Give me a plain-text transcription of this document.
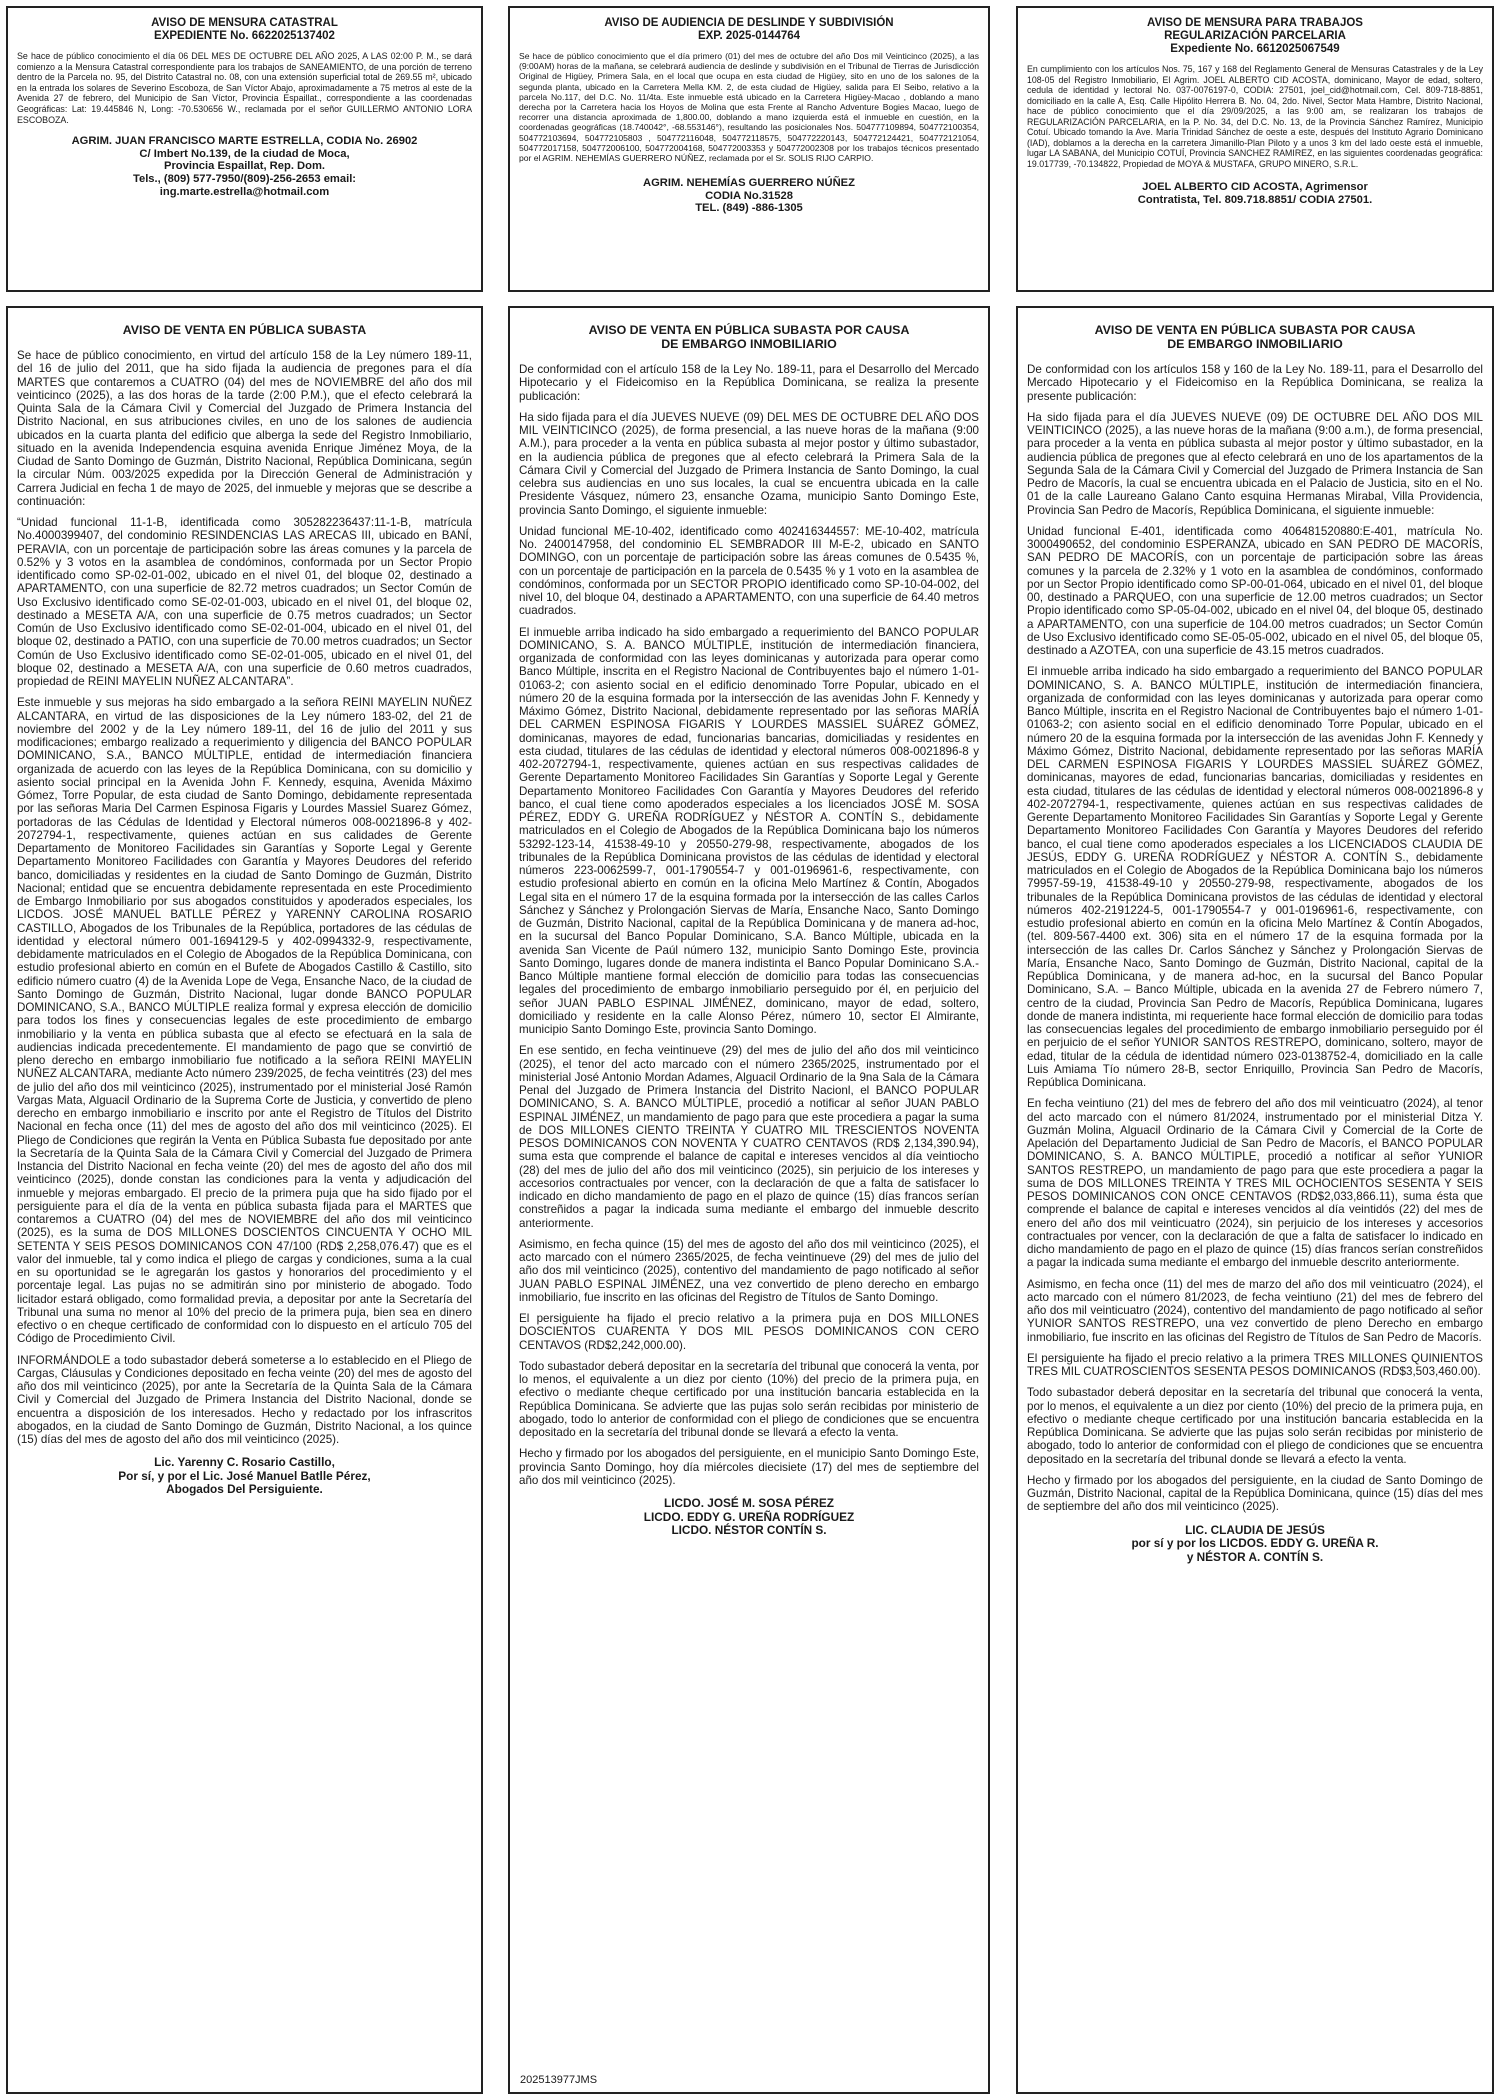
AVISO DE MENSURA CATASTRAL
EXPEDIENTE No. 6622025137402

Se hace de público conocimiento el día 06 DEL MES DE OCTUBRE DEL AÑO 2025, A LAS 02:00 P. M., se dará comienzo a la Mensura Catastral correspondiente para los trabajos de SANEAMIENTO, de una porción de terreno dentro de la Parcela no. 95, del Distrito Catastral no. 08, con una extensión superficial total de 269.55 m², ubicado en la entrada los solares de Severino Escoboza, de San Víctor Abajo, aproximadamente a 75 metros al este de la Avenida 27 de febrero, del Municipio de San Víctor, Provincia Espaillat., correspondiente a las coordenadas Geográficas: Lat: 19.445846 N, Long: -70.530656 W., reclamada por el señor GUILLERMO ANTONIO LORA ESCOBOZA.

AGRIM. JUAN FRANCISCO MARTE ESTRELLA, CODIA No. 26902
C/ Imbert No.139, de la ciudad de Moca,
Provincia Espaillat, Rep. Dom.
Tels., (809) 577-7950/(809)-256-2653 email:
ing.marte.estrella@hotmail.com
AVISO DE AUDIENCIA DE DESLINDE Y SUBDIVISIÓN
EXP. 2025-0144764

Se hace de público conocimiento que el día primero (01) del mes de octubre del año Dos mil Veinticinco (2025), a las (9:00AM) horas de la mañana, se celebrará audiencia de deslinde y subdivisión en el Tribunal de Tierras de Jurisdicción Original de Higüey, Primera Sala, en el local que ocupa en esta ciudad de Higüey, sito en uno de los salones de la segunda planta, ubicado en la Carretera Mella KM. 2, de esta ciudad de Higüey, salida para El Seibo, relativo a la parcela No.117, del D.C. No. 11/4ta. Este inmueble está ubicado en la Carretera Higüey-Macao , doblando a mano derecha por la Carretera hacia los Hoyos de Molina que esta Frente al Rancho Adventure Bogies Macao, luego de recorrer una distancia aproximada de 1,800.00, doblando a mano izquierda está el inmueble en cuestión, en la coordenadas geográficas (18.740042°, -68.553146°), resultando las posicionales Nos. 504777109894, 504772100354, 504772103694, 504772105803 , 504772116048, 504772118575, 504772220143, 504772124421, 504772121054, 504772017158, 504772006100, 504772004168, 504772003353 y 504772002308 por los trabajos técnicos presentado por el AGRIM. NEHEMÍAS GUERRERO NÚÑEZ, reclamada por el Sr. SOLIS RIJO CARPIO.

AGRIM. NEHEMÍAS GUERRERO NÚÑEZ
CODIA No.31528
TEL. (849) -886-1305
AVISO DE MENSURA PARA TRABAJOS
REGULARIZACIÓN PARCELARIA
Expediente No. 6612025067549

En cumplimiento con los artículos Nos. 75, 167 y 168 del Reglamento General de Mensuras Catastrales y de la Ley 108-05 del Registro Inmobiliario, El Agrim. JOEL ALBERTO CID ACOSTA, dominicano, Mayor de edad, soltero, cedula de identidad y lectoral No. 037-0076197-0, CODIA: 27501, joel_cid@hotmail.com, Cel. 809-718-8851, domiciliado en la calle A, Esq. Calle Hipólito Herrera B. No. 04, 2do. Nivel, Sector Mata Hambre, Distrito Nacional, hace de público conocimiento que el día 29/09/2025, a las 9:00 am, se realizaran los trabajos de REGULARIZACIÓN PARCELARIA, en la P. No. 34, del D.C. No. 13, de la Provincia Sánchez Ramírez, Municipio Cotuí. Ubicado tomando la Ave. María Trinidad Sánchez de oeste a este, después del Instituto Agrario Dominicano (IAD), doblamos a la derecha en la carretera Jimanillo-Plan Piloto y a unos 3 km del lado oeste está el inmueble, lugar LA SABANA, del Municipio COTUÍ, Provincia SANCHEZ RAMIREZ, en las siguientes coordenadas geográfica: 19.017739, -70.134822, Propiedad de MOYA & MUSTAFA, GRUPO MINERO, S.R.L.

JOEL ALBERTO CID ACOSTA, Agrimensor
Contratista, Tel. 809.718.8851/ CODIA 27501.
AVISO DE VENTA EN PÚBLICA SUBASTA

Se hace de público conocimiento, en virtud del artículo 158 de la Ley número 189-11, del 16 de julio del 2011, que ha sido fijada la audiencia de pregones para el día MARTES que contaremos a CUATRO (04) del mes de NOVIEMBRE del año dos mil veinticinco (2025), a las dos horas de la tarde (2:00 P.M.), que el efecto celebrará la Quinta Sala de la Cámara Civil y Comercial del Juzgado de Primera Instancia del Distrito Nacional, en sus atribuciones civiles, en uno de los salones de audiencia ubicados en la cuarta planta del edificio que alberga la sede del Registro Inmobiliario, situado en la avenida Independencia esquina avenida Enrique Jiménez Moya, de la Ciudad de Santo Domingo de Guzmán, Distrito Nacional, República Dominicana, según la circular Núm. 003/2025 expedida por la Dirección General de Administración y Carrera Judicial en fecha 1 de mayo de 2025, del inmueble y mejoras que se describe a continuación:

“Unidad funcional 11-1-B, identificada como 305282236437:11-1-B, matrícula No.4000399407, del condominio RESINDENCIAS LAS ARECAS III, ubicado en BANÍ, PERAVIA, con un porcentaje de participación sobre las áreas comunes y la parcela de 0.52% y 3 votos en la asamblea de condóminos, conformada por un Sector Propio identificado como SP-02-01-002, ubicado en el nivel 01, del bloque 02, destinado a APARTAMENTO, con una superficie de 82.72 metros cuadrados; un Sector Común de Uso Exclusivo identificado como SE-02-01-003, ubicado en el nivel 01, del bloque 02, destinado a MESETA A/A, con una superficie de 0.75 metros cuadrados; un Sector Común de Uso Exclusivo identificado como SE-02-01-004, ubicado en el nivel 01, del bloque 02, destinado a PATIO, con una superficie de 70.00 metros cuadrados; un Sector Común de Uso Exclusivo identificado como SE-02-01-005, ubicado en el nivel 01, del bloque 02, destinado a MESETA A/A, con una superficie de 0.60 metros cuadrados, propiedad de REINI MAYELIN NUÑEZ ALCANTARA”.

Este inmueble y sus mejoras ha sido embargado a la señora REINI MAYELIN NUÑEZ ALCANTARA, en virtud de las disposiciones de la Ley número 183-02, del 21 de noviembre del 2002 y de la Ley número 189-11, del 16 de julio del 2011 y sus modificaciones; embargo realizado a requerimiento y diligencia del BANCO POPULAR DOMINICANO, S.A., BANCO MÚLTIPLE, entidad de intermediación financiera organizada de acuerdo con las leyes de la República Dominicana, con su domicilio y asiento social principal en la Avenida John F. Kennedy, esquina, Avenida Máximo Gómez, Torre Popular, de esta ciudad de Santo Domingo, debidamente representada por las señoras Maria Del Carmen Espinosa Figaris y Lourdes Massiel Suarez Gómez, portadoras de las Cédulas de Identidad y Electoral números 008-0021896-8 y 402-2072794-1, respectivamente, quienes actúan en sus calidades de Gerente Departamento de Monitoreo Facilidades sin Garantías y Soporte Legal y Gerente Departamento Monitoreo Facilidades con Garantía y Mayores Deudores del referido banco, domiciliadas y residentes en la ciudad de Santo Domingo de Guzmán, Distrito Nacional; entidad que se encuentra debidamente representada en este Procedimiento de Embargo Inmobiliario por sus abogados constituidos y apoderados especiales, los LICDOS. JOSÉ MANUEL BATLLE PÉREZ y YARENNY CAROLINA ROSARIO CASTILLO, Abogados de los Tribunales de la República, portadores de las cédulas de identidad y electoral número 001-1694129-5 y 402-0994332-9, respectivamente, debidamente matriculados en el Colegio de Abogados de la República Dominicana, con estudio profesional abierto en común en el Bufete de Abogados Castillo & Castillo, sito edificio número cuatro (4) de la Avenida Lope de Vega, Ensanche Naco, de la ciudad de Santo Domingo de Guzmán, Distrito Nacional, lugar donde BANCO POPULAR DOMINICANO, S.A., BANCO MÚLTIPLE realiza formal y expresa elección de domicilio para todos los fines y consecuencias legales de este procedimiento de embargo inmobiliario y la venta en pública subasta que al efecto se efectuará en la sala de audiencias indicada precedentemente. El mandamiento de pago que se convirtió de pleno derecho en embargo inmobiliario fue notificado a la señora REINI MAYELIN NUÑEZ ALCANTARA, mediante Acto número 239/2025, de fecha veintitrés (23) del mes de julio del año dos mil veinticinco (2025), instrumentado por el ministerial José Ramón Vargas Mata, Alguacil Ordinario de la Suprema Corte de Justicia, y convertido de pleno derecho en embargo inmobiliario e inscrito por ante el Registro de Títulos del Distrito Nacional en fecha once (11) del mes de agosto del año dos mil veinticinco (2025). El Pliego de Condiciones que regirán la Venta en Pública Subasta fue depositado por ante la Secretaría de la Quinta Sala de la Cámara Civil y Comercial del Juzgado de Primera Instancia del Distrito Nacional en fecha veinte (20) del mes de agosto del año dos mil veinticinco (2025), donde constan las condiciones para la venta y adjudicación del inmueble y mejoras embargado. El precio de la primera puja que ha sido fijado por el persiguiente para el día de la venta en pública subasta fijada para el MARTES que contaremos a CUATRO (04) del mes de NOVIEMBRE del año dos mil veinticinco (2025), es la suma de DOS MILLONES DOSCIENTOS CINCUENTA Y OCHO MIL SETENTA Y SEIS PESOS DOMINICANOS CON 47/100 (RD$ 2,258,076.47) que es el valor del inmueble, tal y como indica el pliego de cargas y condiciones, suma a la cual en su oportunidad se le agregarán los gastos y honorarios del procedimiento y el porcentaje legal. Las pujas no se admitirán sino por ministerio de abogado. Todo licitador estará obligado, como formalidad previa, a depositar por ante la Secretaría del Tribunal una suma no menor al 10% del precio de la primera puja, bien sea en dinero efectivo o en cheque certificado de conformidad con lo dispuesto en el artículo 705 del Código de Procedimiento Civil.

INFORMÁNDOLE a todo subastador deberá someterse a lo establecido en el Pliego de Cargas, Cláusulas y Condiciones depositado en fecha veinte (20) del mes de agosto del año dos mil veinticinco (2025), por ante la Secretaría de la Quinta Sala de la Cámara Civil y Comercial del Juzgado de Primera Instancia del Distrito Nacional, donde se encuentra a disposición de los interesados. Hecho y redactado por los infrascritos abogados, en la ciudad de Santo Domingo de Guzmán, Distrito Nacional, a los quince (15) días del mes de agosto del año dos mil veinticinco (2025).

Lic. Yarenny C. Rosario Castillo,
Por sí, y por el Lic. José Manuel Batlle Pérez,
Abogados Del Persiguiente.
AVISO DE VENTA EN PÚBLICA SUBASTA POR CAUSA
DE EMBARGO INMOBILIARIO

De conformidad con el artículo 158 de la Ley No. 189-11, para el Desarrollo del Mercado Hipotecario y el Fideicomiso en la República Dominicana, se realiza la presente publicación:

Ha sido fijada para el día JUEVES NUEVE (09) DEL MES DE OCTUBRE DEL AÑO DOS MIL VEINTICINCO (2025), de forma presencial, a las nueve horas de la mañana (9:00 A.M.), para proceder a la venta en pública subasta al mejor postor y último subastador, en la audiencia pública de pregones que al efecto celebrará la Primera Sala de la Cámara Civil y Comercial del Juzgado de Primera Instancia de Santo Domingo, la cual celebra sus audiencias en uno sus locales, la cual se encuentra ubicada en la calle Presidente Vásquez, número 23, ensanche Ozama, municipio Santo Domingo Este, provincia Santo Domingo, el siguiente inmueble:

Unidad funcional ME-10-402, identificado como 402416344557: ME-10-402, matrícula No. 2400147958, del condominio EL SEMBRADOR III M-E-2, ubicado en SANTO DOMINGO, con un porcentaje de participación sobre las áreas comunes de 0.5435 %, con un porcentaje de participación en la parcela de 0.5435 % y 1 voto en la asamblea de condóminos, conformada por un SECTOR PROPIO identificado como SP-10-04-002, del nivel 10, del bloque 04, destinado a APARTAMENTO, con una superficie de 64.40 metros cuadrados.

El inmueble arriba indicado ha sido embargado a requerimiento del BANCO POPULAR DOMINICANO, S. A. BANCO MÚLTIPLE, institución de intermediación financiera, organizada de conformidad con las leyes dominicanas y autorizada para operar como Banco Múltiple, inscrita en el Registro Nacional de Contribuyentes bajo el número 1-01-01063-2; con asiento social en el edificio denominado Torre Popular, ubicado en el número 20 de la esquina formada por la intersección de las avenidas John F. Kennedy y Máximo Gómez, Distrito Nacional, debidamente representado por las señoras MARÍA DEL CARMEN ESPINOSA FIGARIS Y LOURDES MASSIEL SUÁREZ GÓMEZ, dominicanas, mayores de edad, funcionarias bancarias, domiciliadas y residentes en esta ciudad, titulares de las cédulas de identidad y electoral números 008-0021896-8 y 402-2072794-1, respectivamente, quienes actúan en sus respectivas calidades de Gerente Departamento Monitoreo Facilidades Sin Garantías y Soporte Legal y Gerente Departamento Monitoreo Facilidades Con Garantía y Mayores Deudores del referido banco, el cual tiene como apoderados especiales a los licenciados JOSÉ M. SOSA PÉREZ, EDDY G. UREÑA RODRÍGUEZ y NÉSTOR A. CONTÍN S., debidamente matriculados en el Colegio de Abogados de la República Dominicana bajo los números 53292-123-14, 41538-49-10 y 20550-279-98, respectivamente, abogados de los tribunales de la República Dominicana provistos de las cédulas de identidad y electoral números 223-0062599-7, 001-1790554-7 y 001-0196961-6, respectivamente, con estudio profesional abierto en común en la oficina Melo Martínez & Contín, Abogados Legal sita en el número 17 de la esquina formada por la intersección de las calles Carlos Sánchez y Sánchez y Prolongación Siervas de María, Ensanche Naco, Santo Domingo de Guzmán, Distrito Nacional, capital de la República Dominicana y de manera ad-hoc, en la sucursal del Banco Popular Dominicano, S.A. Banco Múltiple, ubicada en la avenida San Vicente de Paúl número 132, municipio Santo Domingo Este, provincia Santo Domingo, lugares donde de manera indistinta el Banco Popular Dominicano S.A.- Banco Múltiple mantiene formal elección de domicilio para todas las consecuencias legales del procedimiento de embargo inmobiliario perseguido por él, en perjuicio del señor JUAN PABLO ESPINAL JIMÉNEZ, dominicano, mayor de edad, soltero, domiciliado y residente en la calle Alonso Pérez, número 10, sector El Almirante, municipio Santo Domingo Este, provincia Santo Domingo.

En ese sentido, en fecha veintinueve (29) del mes de julio del año dos mil veinticinco (2025), el tenor del acto marcado con el número 2365/2025, instrumentado por el ministerial José Antonio Mordan Adames, Alguacil Ordinario de la 9na Sala de la Cámara Penal del Juzgado de Primera Instancia del Distrito Nacionl, el BANCO POPULAR DOMINICANO, S. A. BANCO MÚLTIPLE, procedió a notificar al señor JUAN PABLO ESPINAL JIMÉNEZ, un mandamiento de pago para que este procediera a pagar la suma de DOS MILLONES CIENTO TREINTA Y CUATRO MIL TRESCIENTOS NOVENTA PESOS DOMINICANOS CON NOVENTA Y CUATRO CENTAVOS (RD$ 2,134,390.94), suma esta que comprende el balance de capital e intereses vencidos al día veintiocho (28) del mes de julio del año dos mil veinticinco (2025), sin perjuicio de los intereses y accesorios contractuales por vencer, con la declaración de que a falta de satisfacer lo indicado en dicho mandamiento de pago en el plazo de quince (15) días francos serían constreñidos a pagar la indicada suma mediante el embargo del inmueble descrito anteriormente.

Asimismo, en fecha quince (15) del mes de agosto del año dos mil veinticinco (2025), el acto marcado con el número 2365/2025, de fecha veintinueve (29) del mes de julio del año dos mil veinticinco (2025), contentivo del mandamiento de pago notificado al señor JUAN PABLO ESPINAL JIMÉNEZ, una vez convertido de pleno derecho en embargo inmobiliario, fue inscrito en las oficinas del Registro de Títulos de Santo Domingo.

El persiguiente ha fijado el precio relativo a la primera puja en DOS MILLONES DOSCIENTOS CUARENTA Y DOS MIL PESOS DOMINICANOS CON CERO CENTAVOS (RD$2,242,000.00).

Todo subastador deberá depositar en la secretaría del tribunal que conocerá la venta, por lo menos, el equivalente a un diez por ciento (10%) del precio de la primera puja, en efectivo o mediante cheque certificado por una institución bancaria establecida en la República Dominicana. Se advierte que las pujas solo serán recibidas por ministerio de abogado, todo lo anterior de conformidad con el pliego de condiciones que se encuentra depositado en la secretaría del tribunal donde se llevará a efecto la venta.

Hecho y firmado por los abogados del persiguiente, en el municipio Santo Domingo Este, provincia Santo Domingo, hoy día miércoles diecisiete (17) del mes de septiembre del año dos mil veinticinco (2025).

LICDO. JOSÉ M. SOSA PÉREZ
LICDO. EDDY G. UREÑA RODRÍGUEZ
LICDO. NÉSTOR CONTÍN S.
202513977JMS
AVISO DE VENTA EN PÚBLICA SUBASTA POR CAUSA
DE EMBARGO INMOBILIARIO

De conformidad con los artículos 158 y 160 de la Ley No. 189-11, para el Desarrollo del Mercado Hipotecario y el Fideicomiso en la República Dominicana, se realiza la presente publicación:

Ha sido fijada para el día JUEVES NUEVE (09) DE OCTUBRE DEL AÑO DOS MIL VEINTICINCO (2025), a las nueve horas de la mañana (9:00 a.m.), de forma presencial, para proceder a la venta en pública subasta al mejor postor y último subastador, en la audiencia pública de pregones que al efecto celebrará en uno de los apartamentos de la Segunda Sala de la Cámara Civil y Comercial del Juzgado de Primera Instancia de San Pedro de Macorís, la cual se encuentra ubicada en el Palacio de Justicia, sito en el No. 01 de la calle Laureano Galano Canto esquina Hermanas Mirabal, Villa Providencia, Provincia San Pedro de Macorís, República Dominicana, el siguiente inmueble:

Unidad funcional E-401, identificada como 406481520880:E-401, matrícula No. 3000490652, del condominio ESPERANZA, ubicado en SAN PEDRO DE MACORÍS, SAN PEDRO DE MACORÍS, con un porcentaje de participación sobre las áreas comunes y la parcela de 2.32% y 1 voto en la asamblea de condóminos, conformado por un Sector Propio identificado como SP-00-01-064, ubicado en el nivel 01, del bloque 00, destinado a PARQUEO, con una superficie de 12.00 metros cuadrados; un Sector Propio identificado como SP-05-04-002, ubicado en el nivel 04, del bloque 05, destinado a APARTAMENTO, con una superficie de 104.00 metros cuadrados; un Sector Común de Uso Exclusivo identificado como SE-05-05-002, ubicado en el nivel 05, del bloque 05, destinado a AZOTEA, con una superficie de 43.15 metros cuadrados.

El inmueble arriba indicado ha sido embargado a requerimiento del BANCO POPULAR DOMINICANO, S. A. BANCO MÚLTIPLE, institución de intermediación financiera, organizada de conformidad con las leyes dominicanas y autorizada para operar como Banco Múltiple, inscrita en el Registro Nacional de Contribuyentes bajo el número 1-01-01063-2; con asiento social en el edificio denominado Torre Popular, ubicado en el número 20 de la esquina formada por la intersección de las avenidas John F. Kennedy y Máximo Gómez, Distrito Nacional, debidamente representado por las señoras MARÍA DEL CARMEN ESPINOSA FIGARIS Y LOURDES MASSIEL SUÁREZ GÓMEZ, dominicanas, mayores de edad, funcionarias bancarias, domiciliadas y residentes en esta ciudad, titulares de las cédulas de identidad y electoral números 008-0021896-8 y 402-2072794-1, respectivamente, quienes actúan en sus respectivas calidades de Gerente Departamento Monitoreo Facilidades Sin Garantías y Soporte Legal y Gerente Departamento Monitoreo Facilidades Con Garantía y Mayores Deudores del referido banco, el cual tiene como apoderados especiales a los LICENCIADOS CLAUDIA DE JESÚS, EDDY G. UREÑA RODRÍGUEZ y NÉSTOR A. CONTÍN S., debidamente matriculados en el Colegio de Abogados de la República Dominicana bajo los números 79957-59-19, 41538-49-10 y 20550-279-98, respectivamente, abogados de los tribunales de la República Dominicana provistos de las cédulas de identidad y electoral números 402-2191224-5, 001-1790554-7 y 001-0196961-6, respectivamente, con estudio profesional abierto en común en la oficina Melo Martínez & Contín Abogados, (tel. 809-567-4400 ext. 306) sita en el número 17 de la esquina formada por la intersección de las calles Dr. Carlos Sánchez y Sánchez y Prolongación Siervas de María, Ensanche Naco, Santo Domingo de Guzmán, Distrito Nacional, capital de la República Dominicana, y de manera ad-hoc, en la sucursal del Banco Popular Dominicano, S.A. – Banco Múltiple, ubicada en la avenida 27 de Febrero número 7, centro de la ciudad, Provincia San Pedro de Macorís, República Dominicana, lugares donde de manera indistinta, mi requeriente hace formal elección de domicilio para todas las consecuencias legales del procedimiento de embargo inmobiliario perseguido por él en perjuicio de el señor YUNIOR SANTOS RESTREPO, dominicano, soltero, mayor de edad, titular de la cédula de identidad número 023-0138752-4, domiciliado en la calle Luis Amiama Tío número 28-B, sector Enriquillo, Provincia San Pedro de Macorís, República Dominicana.

En fecha veintiuno (21) del mes de febrero del año dos mil veinticuatro (2024), al tenor del acto marcado con el número 81/2024, instrumentado por el ministerial Ditza Y. Guzmán Molina, Alguacil Ordinario de la Cámara Civil y Comercial de la Corte de Apelación del Departamento Judicial de San Pedro de Macorís, el BANCO POPULAR DOMINICANO, S. A. BANCO MÚLTIPLE, procedió a notificar al señor YUNIOR SANTOS RESTREPO, un mandamiento de pago para que este procediera a pagar la suma de DOS MILLONES TREINTA Y TRES MIL OCHOCIENTOS SESENTA Y SEIS PESOS DOMINICANOS CON ONCE CENTAVOS (RD$2,033,866.11), suma ésta que comprende el balance de capital e intereses vencidos al día veintidós (22) del mes de enero del año dos mil veinticuatro (2024), sin perjuicio de los intereses y accesorios contractuales por vencer, con la declaración de que a falta de satisfacer lo indicado en dicho mandamiento de pago en el plazo de quince (15) días francos serían constreñidos a pagar la indicada suma mediante el embargo del inmueble descrito anteriormente.

Asimismo, en fecha once (11) del mes de marzo del año dos mil veinticuatro (2024), el acto marcado con el número 81/2023, de fecha veintiuno (21) del mes de febrero del año dos mil veinticuatro (2024), contentivo del mandamiento de pago notificado al señor YUNIOR SANTOS RESTREPO, una vez convertido de pleno Derecho en embargo inmobiliario, fue inscrito en las oficinas del Registro de Títulos de San Pedro de Macorís.

El persiguiente ha fijado el precio relativo a la primera TRES MILLONES QUINIENTOS TRES MIL CUATROSCIENTOS SESENTA PESOS DOMINICANOS (RD$3,503,460.00).

Todo subastador deberá depositar en la secretaría del tribunal que conocerá la venta, por lo menos, el equivalente a un diez por ciento (10%) del precio de la primera puja, en efectivo o mediante cheque certificado por una institución bancaria establecida en la República Dominicana. Se advierte que las pujas solo serán recibidas por ministerio de abogado, todo lo anterior de conformidad con el pliego de condiciones que se encuentra depositado en la secretaría del tribunal donde se llevará a efecto la venta.

Hecho y firmado por los abogados del persiguiente, en la ciudad de Santo Domingo de Guzmán, Distrito Nacional, capital de la República Dominicana, quince (15) días del mes de septiembre del año dos mil veinticinco (2025).

LIC. CLAUDIA DE JESÚS
por sí y por los LICDOS. EDDY G. UREÑA R.
y NÉSTOR A. CONTÍN S.
